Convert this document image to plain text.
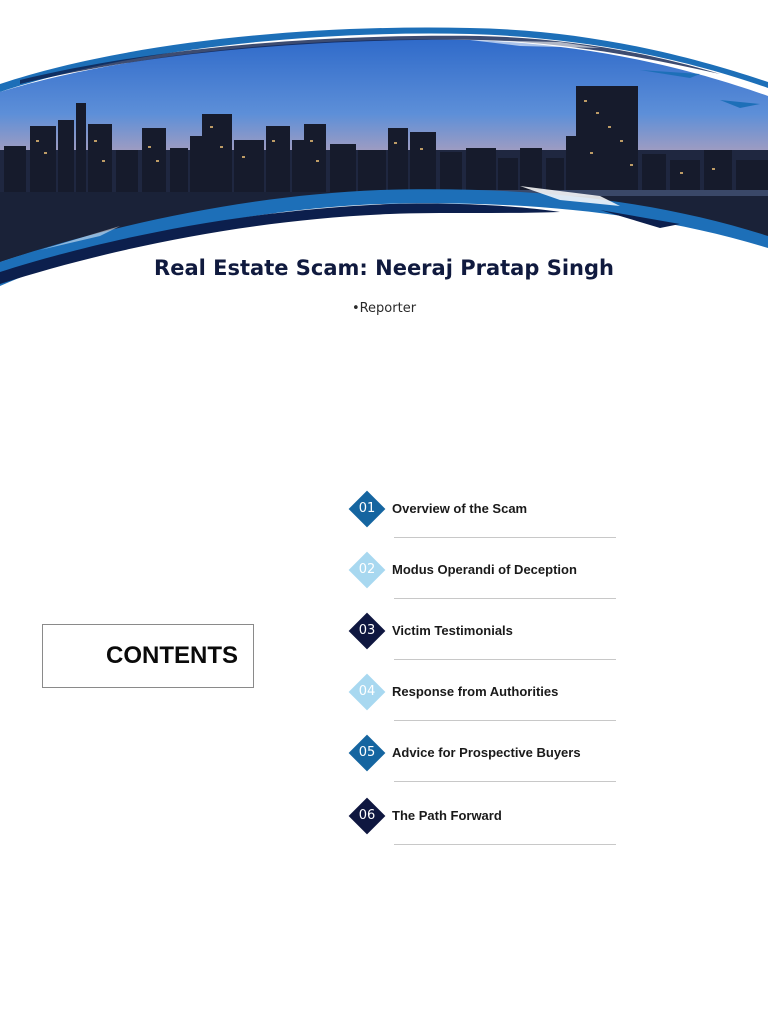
Real Estate Scam: Neeraj Pratap Singh
•Reporter
CONTENTS
01	Overview of the Scam
02	Modus Operandi of Deception
03	Victim Testimonials
04	Response from Authorities
05	Advice for Prospective Buyers
06	The Path Forward
